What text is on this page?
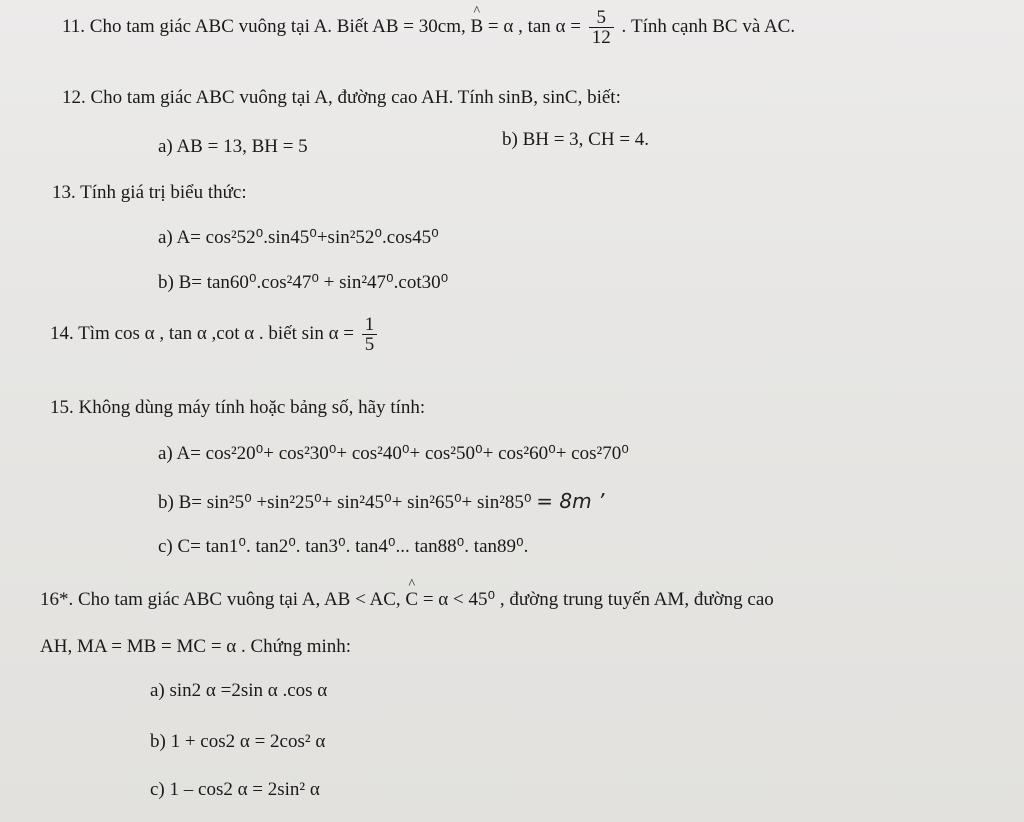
11. Cho tam giác ABC vuông tại A. Biết AB = 30cm, ^ B = α , $\tan \alpha = \frac{5}{12}$ . Tính cạnh BC và AC.
12. Cho tam giác ABC vuông tại A, đường cao AH. Tính sinB, sinC, biết:
a) AB = 13, BH = 5	b) BH = 3, CH = 4.
13. Tính giá trị biểu thức:
a) A= cos²52⁰.sin45⁰+sin²52⁰.cos45⁰
b) B= tan60⁰.cos²47⁰ + sin²47⁰.cot30⁰
14. Tìm cos α , tan α ,cot α . biết $\sin \alpha = \frac{1}{5}$
15. Không dùng máy tính hoặc bảng số, hãy tính:
a) A= cos²20⁰+ cos²30⁰+ cos²40⁰+ cos²50⁰+ cos²60⁰+ cos²70⁰
b) B= sin²5⁰ +sin²25⁰+ sin²45⁰+ sin²65⁰+ sin²85⁰ = 8m ’
c) C= tan1⁰. tan2⁰. tan3⁰. tan4⁰... tan88⁰. tan89⁰.
16*. Cho tam giác ABC vuông tại A, AB < AC, ^ C = α < 45⁰ , đường trung tuyến AM, đường cao
AH, MA = MB = MC = α . Chứng minh:
a) sin2 α =2sin α .cos α
b) 1 + cos2 α = 2cos² α
c) 1 – cos2 α = 2sin² α
